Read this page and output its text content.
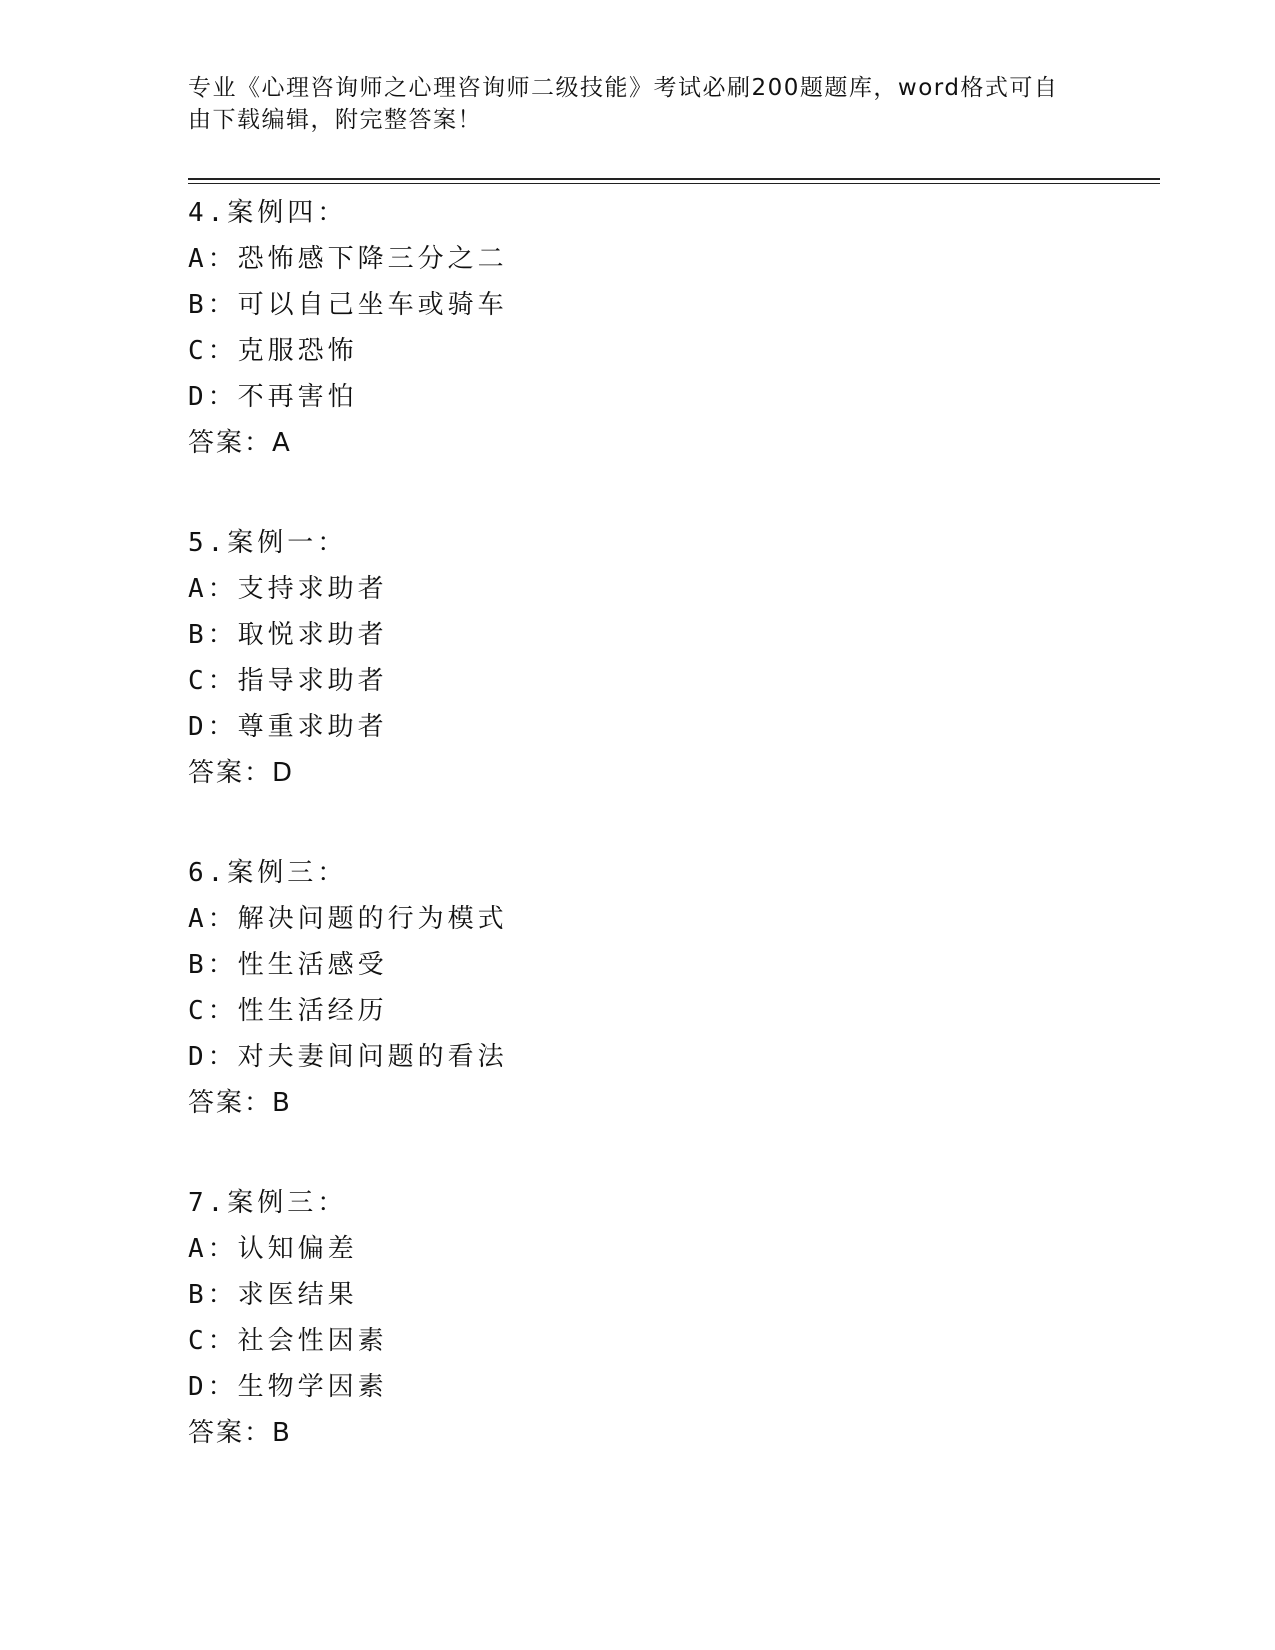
专业《心理咨询师之心理咨询师二级技能》考试必刷200题题库，word格式可自
由下载编辑，附完整答案！
4.案例四：
A：恐怖感下降三分之二
B：可以自己坐车或骑车
C：克服恐怖
D：不再害怕
答案：A
5.案例一：
A：支持求助者
B：取悦求助者
C：指导求助者
D：尊重求助者
答案：D
6.案例三：
A：解决问题的行为模式
B：性生活感受
C：性生活经历
D：对夫妻间问题的看法
答案：B
7.案例三：
A：认知偏差
B：求医结果
C：社会性因素
D：生物学因素
答案：B
